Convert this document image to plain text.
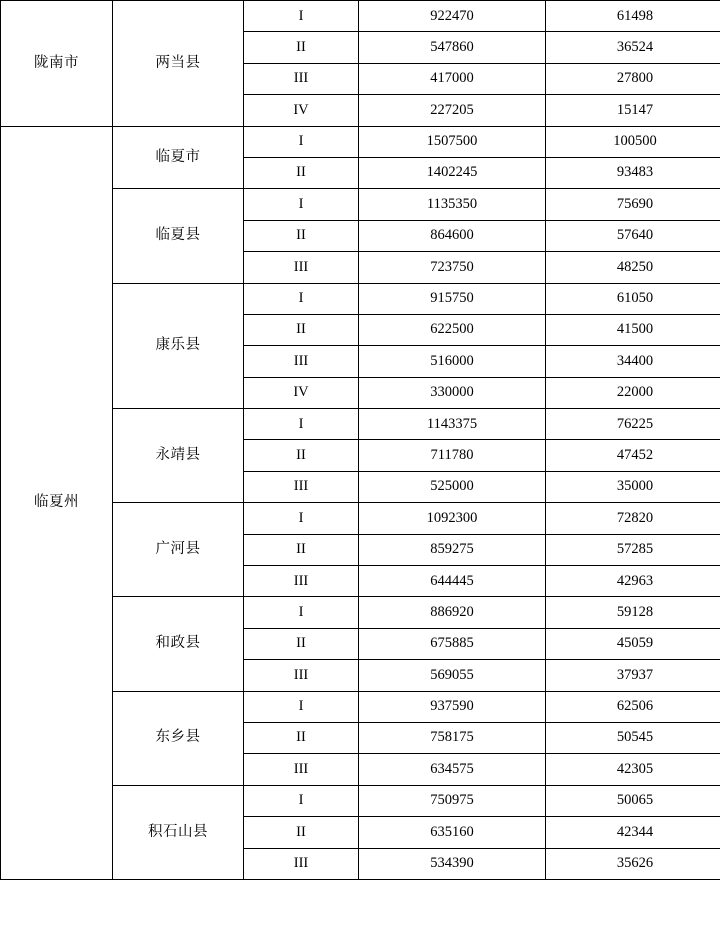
陇南市	两当县	I	922470	61498
		II	547860	36524
		III	417000	27800
		IV	227205	15147
临夏州	临夏市	I	1507500	100500
		II	1402245	93483
	临夏县	I	1135350	75690
		II	864600	57640
		III	723750	48250
	康乐县	I	915750	61050
		II	622500	41500
		III	516000	34400
		IV	330000	22000
	永靖县	I	1143375	76225
		II	711780	47452
		III	525000	35000
	广河县	I	1092300	72820
		II	859275	57285
		III	644445	42963
	和政县	I	886920	59128
		II	675885	45059
		III	569055	37937
	东乡县	I	937590	62506
		II	758175	50545
		III	634575	42305
	积石山县	I	750975	50065
		II	635160	42344
		III	534390	35626
